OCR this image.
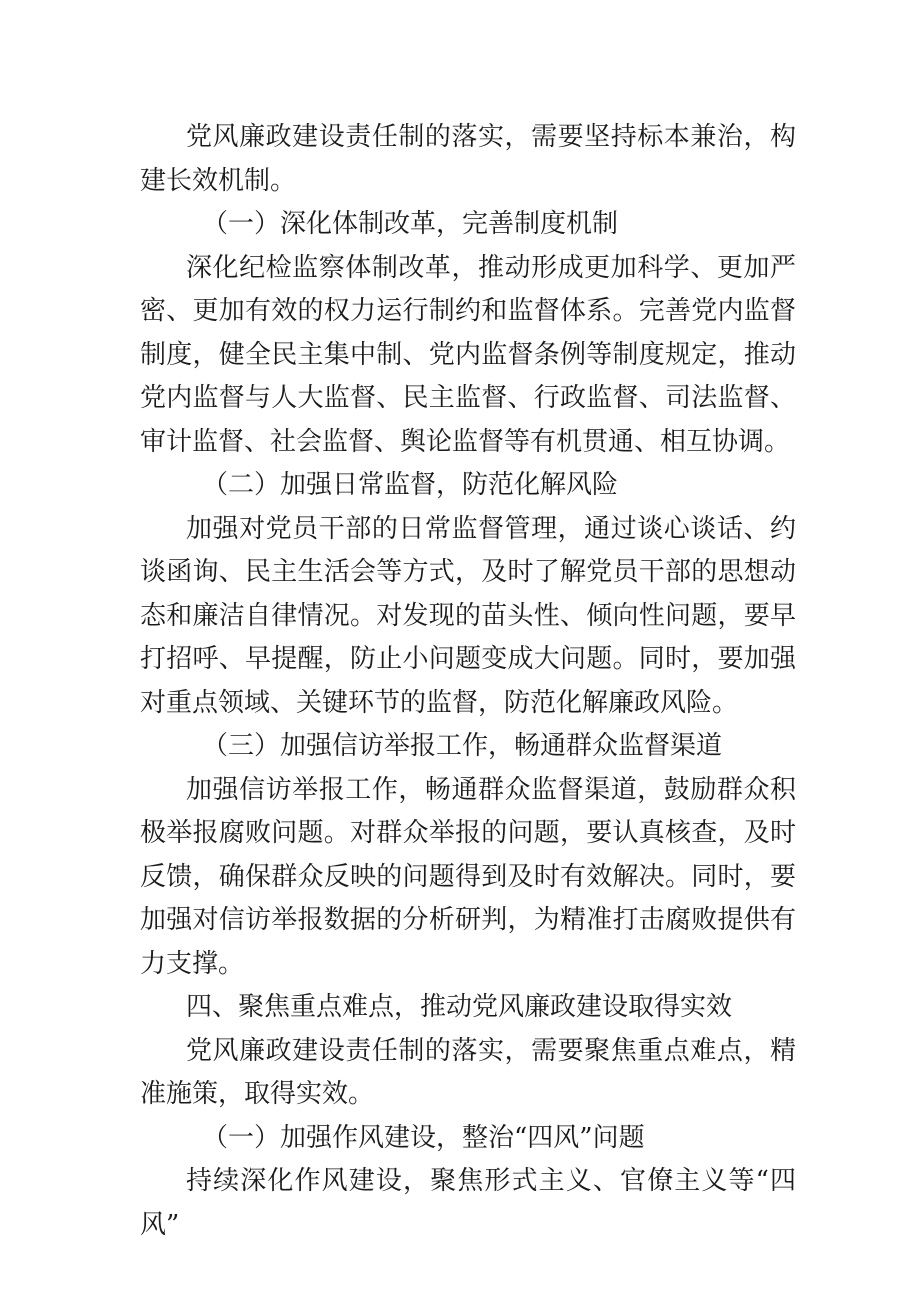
党风廉政建设责任制的落实，需要坚持标本兼治，构建长效机制。

（一）深化体制改革，完善制度机制

深化纪检监察体制改革，推动形成更加科学、更加严密、更加有效的权力运行制约和监督体系。完善党内监督制度，健全民主集中制、党内监督条例等制度规定，推动党内监督与人大监督、民主监督、行政监督、司法监督、审计监督、社会监督、舆论监督等有机贯通、相互协调。

（二）加强日常监督，防范化解风险

加强对党员干部的日常监督管理，通过谈心谈话、约谈函询、民主生活会等方式，及时了解党员干部的思想动态和廉洁自律情况。对发现的苗头性、倾向性问题，要早打招呼、早提醒，防止小问题变成大问题。同时，要加强对重点领域、关键环节的监督，防范化解廉政风险。

（三）加强信访举报工作，畅通群众监督渠道

加强信访举报工作，畅通群众监督渠道，鼓励群众积极举报腐败问题。对群众举报的问题，要认真核查，及时反馈，确保群众反映的问题得到及时有效解决。同时，要加强对信访举报数据的分析研判，为精准打击腐败提供有力支撑。

四、聚焦重点难点，推动党风廉政建设取得实效

党风廉政建设责任制的落实，需要聚焦重点难点，精准施策，取得实效。

（一）加强作风建设，整治“四风”问题

持续深化作风建设，聚焦形式主义、官僚主义等“四风”
